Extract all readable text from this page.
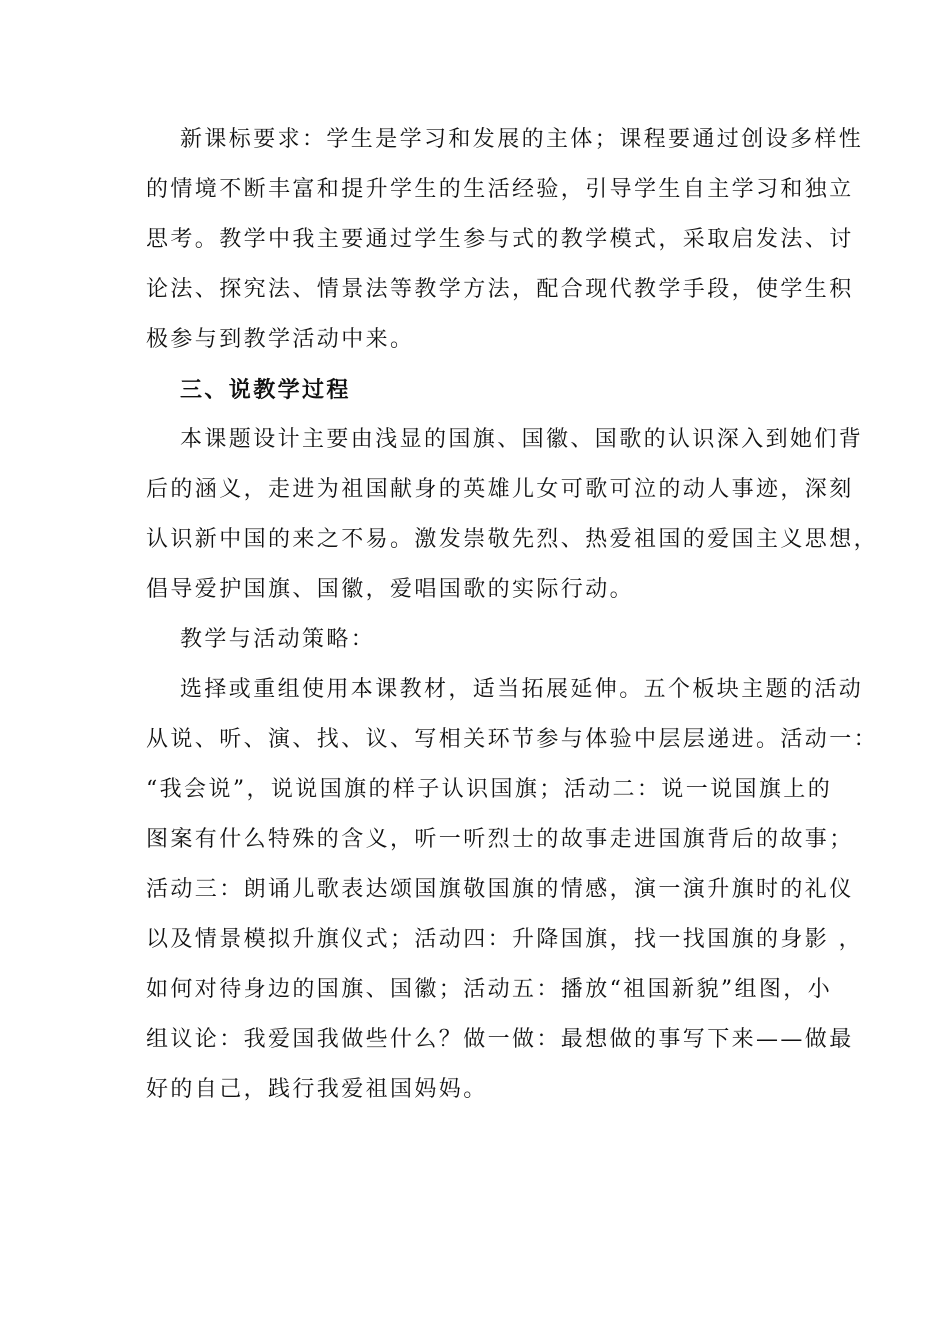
新课标要求：学生是学习和发展的主体；课程要通过创设多样性
的情境不断丰富和提升学生的生活经验，引导学生自主学习和独立
思考。教学中我主要通过学生参与式的教学模式，采取启发法、讨
论法、探究法、情景法等教学方法，配合现代教学手段，使学生积
极参与到教学活动中来。
三、说教学过程
本课题设计主要由浅显的国旗、国徽、国歌的认识深入到她们背
后的涵义，走进为祖国献身的英雄儿女可歌可泣的动人事迹，深刻
认识新中国的来之不易。激发崇敬先烈、热爱祖国的爱国主义思想，
倡导爱护国旗、国徽，爱唱国歌的实际行动。
教学与活动策略：
选择或重组使用本课教材，适当拓展延伸。五个板块主题的活动
从说、听、演、找、议、写相关环节参与体验中层层递进。活动一：
“我会说”，说说国旗的样子认识国旗；活动二：说一说国旗上的
图案有什么特殊的含义，听一听烈士的故事走进国旗背后的故事；
活动三：朗诵儿歌表达颂国旗敬国旗的情感，演一演升旗时的礼仪
以及情景模拟升旗仪式；活动四：升降国旗，找一找国旗的身影 ，
如何对待身边的国旗、国徽；活动五：播放“祖国新貌”组图，小
组议论：我爱国我做些什么？做一做：最想做的事写下来——做最
好的自己，践行我爱祖国妈妈。
